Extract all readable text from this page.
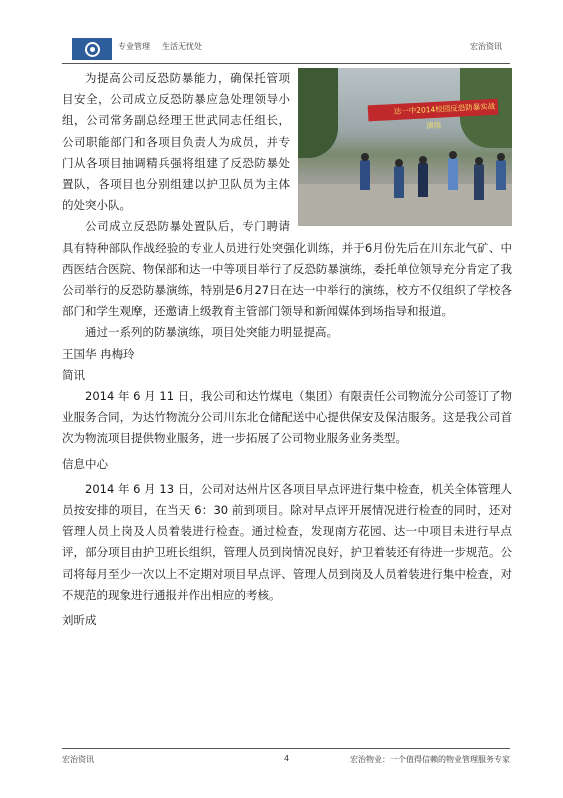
专业管理 生活无忧处	宏治资讯

达一中2014校园反恐防暴实战演练
为提高公司反恐防暴能力，确保托管项目安全，公司成立反恐防暴应急处理领导小组，公司常务副总经理王世武同志任组长，公司职能部门和各项目负责人为成员，并专门从各项目抽调精兵强将组建了反恐防暴处置队，各项目也分别组建以护卫队员为主体的处突小队。

公司成立反恐防暴处置队后，专门聘请具有特种部队作战经验的专业人员进行处突强化训练，并于6月份先后在川东北气矿、中西医结合医院、物保部和达一中等项目举行了反恐防暴演练，委托单位领导充分肯定了我公司举行的反恐防暴演练，特别是6月27日在达一中举行的演练，校方不仅组织了学校各部门和学生观摩，还邀请上级教育主管部门领导和新闻媒体到场指导和报道。

通过一系列的防暴演练，项目处突能力明显提高。

王国华 冉梅玲

简讯

2014 年 6 月 11 日，我公司和达竹煤电（集团）有限责任公司物流分公司签订了物业服务合同，为达竹物流分公司川东北仓储配送中心提供保安及保洁服务。这是我公司首次为物流项目提供物业服务，进一步拓展了公司物业服务业务类型。

信息中心

2014 年 6 月 13 日，公司对达州片区各项目早点评进行集中检查，机关全体管理人员按安排的项目，在当天 6：30 前到项目。除对早点评开展情况进行检查的同时，还对管理人员上岗及人员着装进行检查。通过检查，发现南方花园、达一中项目未进行早点评，部分项目由护卫班长组织，管理人员到岗情况良好，护卫着装还有待进一步规范。公司将每月至少一次以上不定期对项目早点评、管理人员到岗及人员着装进行集中检查，对不规范的现象进行通报并作出相应的考核。

刘昕成

宏治资讯	4	宏治物业：一个值得信赖的物业管理服务专家
